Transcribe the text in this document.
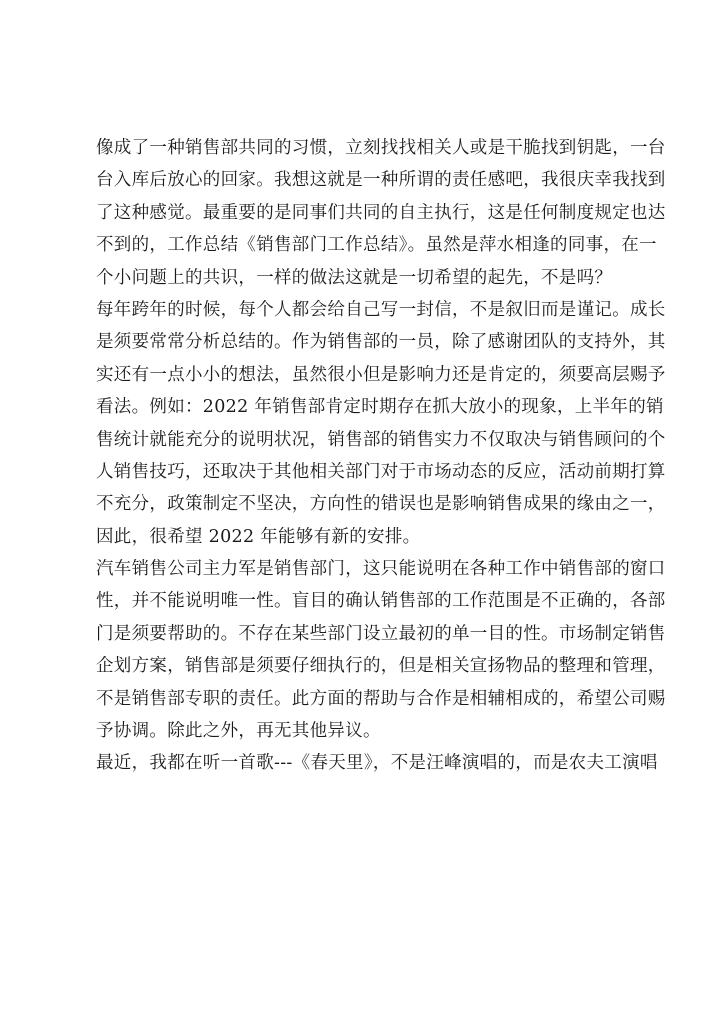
像成了一种销售部共同的习惯，立刻找找相关人或是干脆找到钥匙，一台
台入库后放心的回家。我想这就是一种所谓的责任感吧，我很庆幸我找到
了这种感觉。最重要的是同事们共同的自主执行，这是任何制度规定也达
不到的，工作总结《销售部门工作总结》。虽然是萍水相逢的同事，在一
个小问题上的共识，一样的做法这就是一切希望的起先，不是吗？
每年跨年的时候，每个人都会给自己写一封信，不是叙旧而是谨记。成长
是须要常常分析总结的。作为销售部的一员，除了感谢团队的支持外，其
实还有一点小小的想法，虽然很小但是影响力还是肯定的，须要高层赐予
看法。例如：2022 年销售部肯定时期存在抓大放小的现象，上半年的销
售统计就能充分的说明状况，销售部的销售实力不仅取决与销售顾问的个
人销售技巧，还取决于其他相关部门对于市场动态的反应，活动前期打算
不充分，政策制定不坚决，方向性的错误也是影响销售成果的缘由之一，
因此，很希望 2022 年能够有新的安排。
汽车销售公司主力军是销售部门，这只能说明在各种工作中销售部的窗口
性，并不能说明唯一性。盲目的确认销售部的工作范围是不正确的，各部
门是须要帮助的。不存在某些部门设立最初的单一目的性。市场制定销售
企划方案，销售部是须要仔细执行的，但是相关宣扬物品的整理和管理，
不是销售部专职的责任。此方面的帮助与合作是相辅相成的，希望公司赐
予协调。除此之外，再无其他异议。
最近，我都在听一首歌---《春天里》，不是汪峰演唱的，而是农夫工演唱
